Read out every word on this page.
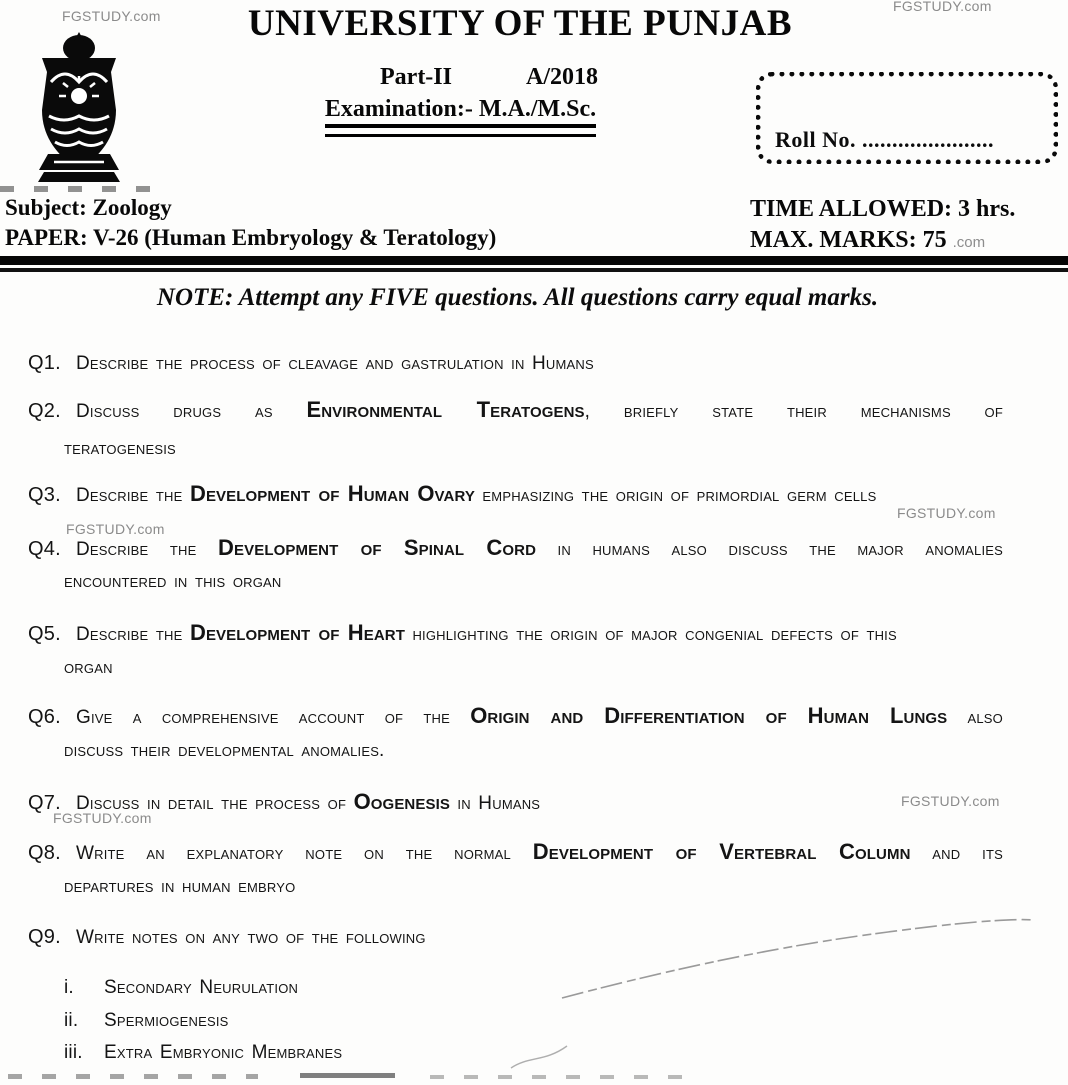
FGSTUDY.com
FGSTUDY.com
FGSTUDY.com
FGSTUDY.com
FGSTUDY.com
FGSTUDY.com
UNIVERSITY OF THE PUNJAB
Part-II	A/2018
Examination:- M.A./M.Sc.
Roll No. ......................
Subject: Zoology
PAPER: V-26 (Human Embryology & Teratology)
TIME ALLOWED: 3 hrs.
MAX. MARKS: 75 .com
NOTE: Attempt any FIVE questions. All questions carry equal marks.
Q1. Describe the process of cleavage and gastrulation in Humans
Q2. Discuss drugs as Environmental Teratogens, briefly state their mechanisms of
teratogenesis
Q3. Describe the Development of Human Ovary emphasizing the origin of primordial germ cells
Q4. Describe the Development of Spinal Cord in humans also discuss the major anomalies
encountered in this organ
Q5. Describe the Development of Heart highlighting the origin of major congenial defects of this
organ
Q6. Give a comprehensive account of the Origin and Differentiation of Human Lungs also
discuss their developmental anomalies.
Q7. Discuss in detail the process of Oogenesis in Humans
Q8. Write an explanatory note on the normal Development of Vertebral Column and its
departures in human embryo
Q9. Write notes on any two of the following
i. Secondary Neurulation
ii. Spermiogenesis
iii. Extra Embryonic Membranes
